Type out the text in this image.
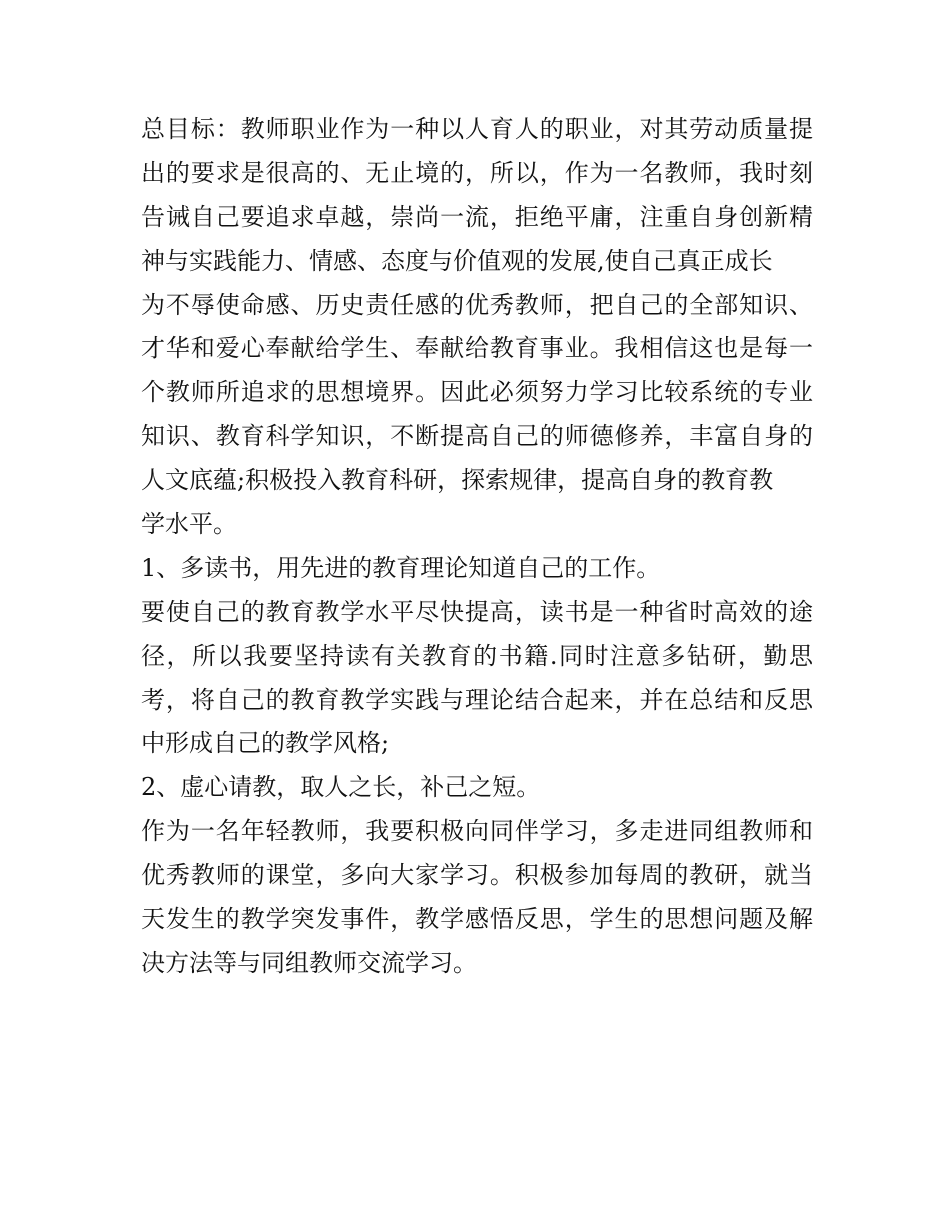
总目标：教师职业作为一种以人育人的职业，对其劳动质量提
出的要求是很高的、无止境的，所以，作为一名教师，我时刻
告诫自己要追求卓越，崇尚一流，拒绝平庸，注重自身创新精
神与实践能力、情感、态度与价值观的发展,使自己真正成长
为不辱使命感、历史责任感的优秀教师，把自己的全部知识、
才华和爱心奉献给学生、奉献给教育事业。我相信这也是每一
个教师所追求的思想境界。因此必须努力学习比较系统的专业
知识、教育科学知识，不断提高自己的师德修养，丰富自身的
人文底蕴;积极投入教育科研，探索规律，提高自身的教育教
学水平。
1、多读书，用先进的教育理论知道自己的工作。
要使自己的教育教学水平尽快提高，读书是一种省时高效的途
径，所以我要坚持读有关教育的书籍.同时注意多钻研，勤思
考，将自己的教育教学实践与理论结合起来，并在总结和反思
中形成自己的教学风格;
2、虚心请教，取人之长，补己之短。
作为一名年轻教师，我要积极向同伴学习，多走进同组教师和
优秀教师的课堂，多向大家学习。积极参加每周的教研，就当
天发生的教学突发事件，教学感悟反思，学生的思想问题及解
决方法等与同组教师交流学习。
